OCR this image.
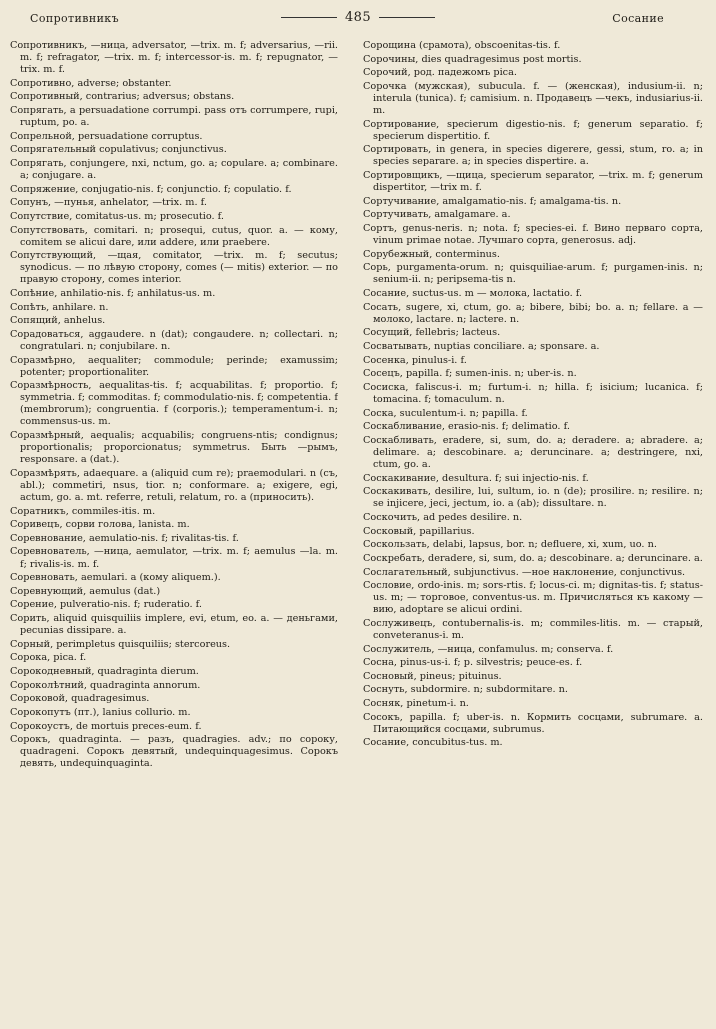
Сопротивникъ	485	Сосание

Сопротивникъ, —ница, adversator, —trix. m. f; adversarius, —rii. m. f; refragator, —trix. m. f; intercessor-is. m. f; repugnator, —trix. m. f.

Сопротивно, adverse; obstanter.

Сопротивный, contrarius; adversus; obstans.

Сопрягать, a persuadatione corrumpi. pass отъ corrumpere, rupi, ruptum, po. a.

Сопрельной, persuadatione corruptus.

Сопрягательный copulativus; conjunctivus.

Сопрягать, conjungere, nxi, nctum, go. a; copulare. a; combinare. a; conjugare. a.

Сопряжение, conjugatio-nis. f; conjunctio. f; copulatio. f.

Сопунъ, —пунья, anhelator, —trix. m. f.

Сопутствие, comitatus-us. m; prosecutio. f.

Сопутствовать, comitari. n; prosequi, cutus, quor. a. — кому, comitem se alicui dare, или addere, или praebere.

Сопутствующий, —щая, comitator, —trix. m. f; secutus; synodicus. — по лѣвую сторону, comes (— mitis) exterior. — по правую сторону, comes interior.

Сопѣние, anhilatio-nis. f; anhilatus-us. m.

Сопѣть, anhilare. n.

Сопящий, anhelus.

Сорадоваться, aggaudere. n (dat); congaudere. n; collectari. n; congratulari. n; conjubilare. n.

Соразмѣрно, aequaliter; commodule; perinde; examussim; potenter; proportionaliter.

Соразмѣрность, aequalitas-tis. f; acquabilitas. f; proportio. f; symmetria. f; commoditas. f; commodulatio-nis. f; competentia. f (membrorum); congruentia. f (corporis.); temperamentum-i. n; commensus-us. m.

Соразмѣрный, aequalis; acquabilis; congruens-ntis; condignus; proportionalis; proporcionatus; symmetrus. Быть —рымъ, responsare. a (dat.).

Соразмѣрять, adaequare. a (aliquid cum re); praemodulari. n (съ, abl.); commetiri, nsus, tior. n; conformare. a; exigere, egi, actum, go. a. mt. referre, retuli, relatum, ro. a (приносить).

Соратникъ, commiles-itis. m.

Соривецъ, сорви голова, lanista. m.

Соревнование, aemulatio-nis. f; rivalitas-tis. f.

Соревнователь, —ница, aemulator, —trix. m. f; aemulus —la. m. f; rivalis-is. m. f.

Соревновать, aemulari. a (кому aliquem.).

Соревнующий, aemulus (dat.)

Сорение, pulveratio-nis. f; ruderatio. f.

Сорить, aliquid quisquiliis implere, evi, etum, eo. a. — деньгами, pecunias dissipare. a.

Сорный, perimpletus quisquiliis; stercoreus.

Сорока, pica. f.

Сорокодневный, quadraginta dierum.

Сороколѣтний, quadraginta annorum.

Сороковой, quadragesimus.

Сорокопутъ (пт.), lanius collurio. m.

Сорокоустъ, de mortuis preces-eum. f.

Сорокъ, quadraginta. — разъ, quadragies. adv.; по сороку, quadrageni. Сорокъ девятый, undequinquagesimus. Сорокъ девять, undequinquaginta.

Сорощина (срамота), obscoenitas-tis. f.

Сорочины, dies quadragesimus post mortis.

Сорочий, род. падежомъ pica.

Сорочка (мужская), subucula. f. — (женская), indusium-ii. n; interula (tunica). f; camisium. n. Продавецъ —чекъ, indusiarius-ii. m.

Сортирование, specierum digestio-nis. f; generum separatio. f; specierum dispertitio. f.

Сортировать, in genera, in species digerere, gessi, stum, ro. a; in species separare. a; in species dispertire. a.

Сортировщикъ, —щица, specierum separator, —trix. m. f; generum dispertitor, —trix m. f.

Сортучивание, amalgamatio-nis. f; amalgama-tis. n.

Сортучивать, amalgamare. a.

Сортъ, genus-neris. n; nota. f; species-ei. f. Вино перваго сорта, vinum primae notae. Лучшаго сорта, generosus. adj.

Сорубежный, conterminus.

Сорь, purgamenta-orum. n; quisquiliae-arum. f; purgamen-inis. n; senium-ii. n; peripsema-tis n.

Сосание, suctus-us. m — молока, lactatio. f.

Сосать, sugere, xi, ctum, go. a; bibere, bibi; bo. a. n; fellare. a — молоко, lactare. n; lactere. n.

Сосущий, fellebris; lacteus.

Сосватывать, nuptias conciliare. a; sponsare. a.

Сосенка, pinulus-i. f.

Сосецъ, papilla. f; sumen-inis. n; uber-is. n.

Сосиска, faliscus-i. m; furtum-i. n; hilla. f; isicium; lucanica. f; tomacina. f; tomaculum. n.

Соска, suculentum-i. n; papilla. f.

Соскабливание, erasio-nis. f; delimatio. f.

Соскабливать, eradere, si, sum, do. a; deradere. a; abradere. a; delimare. a; descobinare. a; deruncinare. a; destringere, nxi, ctum, go. a.

Соскакивание, desultura. f; sui injectio-nis. f.

Соскакивать, desilire, lui, sultum, io. n (de); prosilire. n; resilire. n; se injicere, jeci, jectum, io. a (ab); dissultare. n.

Соскочить, ad pedes desilire. n.

Сосковый, papillarius.

Соскользать, delabi, lapsus, bor. n; defluere, xi, xum, uo. n.

Соскребать, deradere, si, sum, do. a; descobinare. a; deruncinare. a.

Сослагательный, subjunctivus. —ное наклонение, conjunctivus.

Сословие, ordo-inis. m; sors-rtis. f; locus-ci. m; dignitas-tis. f; status-us. m; — торговое, conventus-us. m. Причисляться къ какому —вию, adoptare se alicui ordini.

Сослуживецъ, contubernalis-is. m; commiles-litis. m. — старый, conveteranus-i. m.

Сослужитель, —ница, confamulus. m; conserva. f.

Сосна, pinus-us-i. f; p. silvestris; peuce-es. f.

Сосновый, pineus; pituinus.

Соснуть, subdormire. n; subdormitare. n.

Сосняк, pinetum-i. n.

Сосокъ, papilla. f; uber-is. n. Кормить сосцами, subrumare. a. Питающийся сосцами, subrumus.

Сосание, concubitus-tus. m.
